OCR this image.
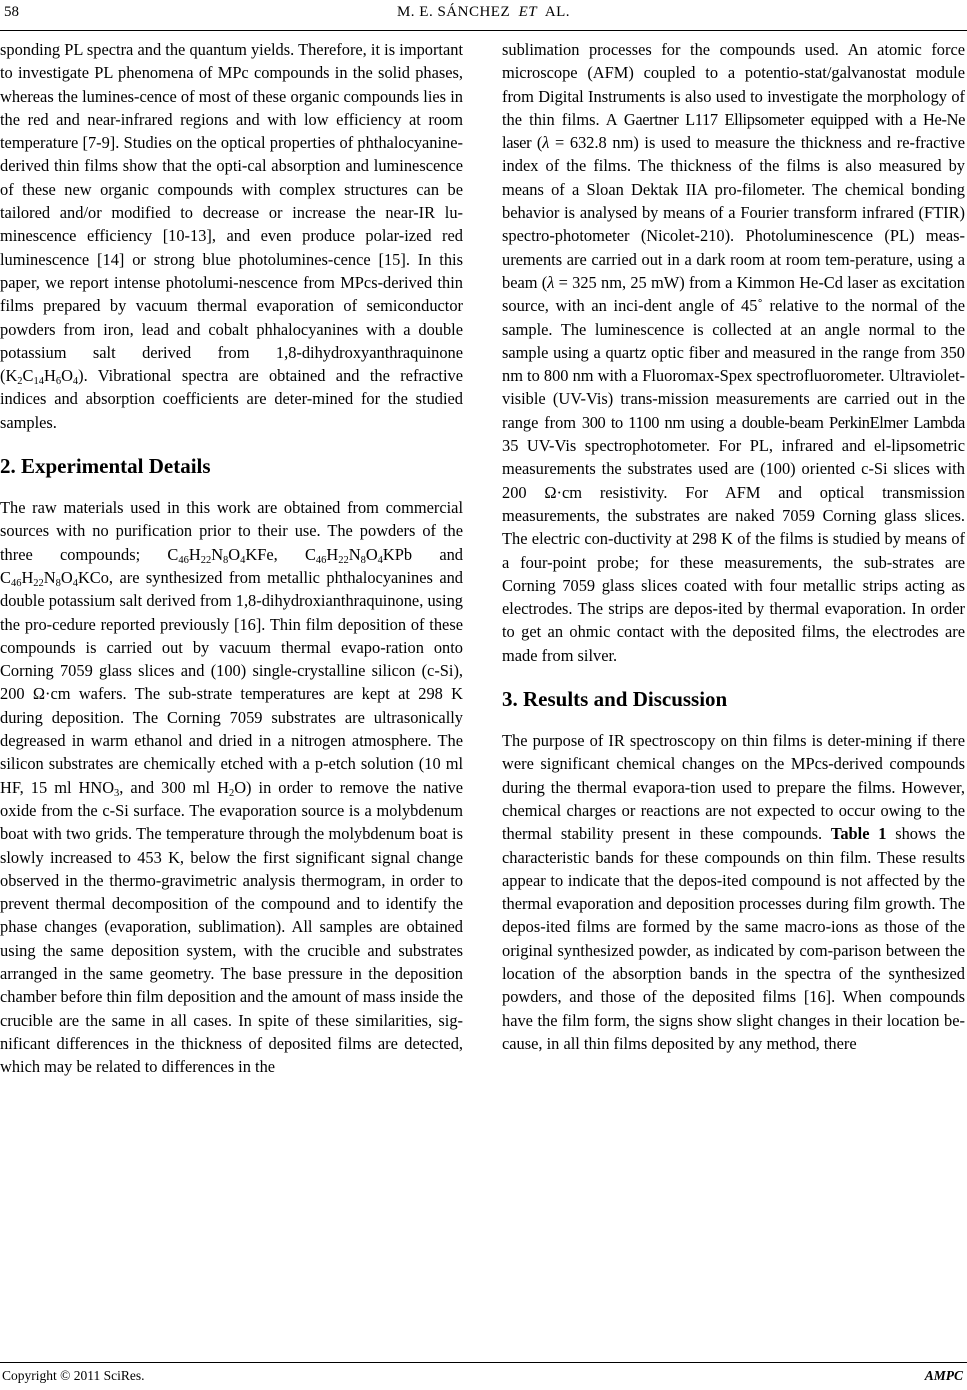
58	M. E. SÁNCHEZ ET AL.

sponding PL spectra and the quantum yields. Therefore, it is important to investigate PL phenomena of MPc compounds in the solid phases, whereas the lumines-cence of most of these organic compounds lies in the red and near-infrared regions and with low efficiency at room temperature [7-9]. Studies on the optical properties of phthalocyanine-derived thin films show that the opti-cal absorption and luminescence of these new organic compounds with complex structures can be tailored and/or modified to decrease or increase the near-IR lu-minescence efficiency [10-13], and even produce polar-ized red luminescence [14] or strong blue photolumines-cence [15]. In this paper, we report intense photolumi-nescence from MPcs-derived thin films prepared by vacuum thermal evaporation of semiconductor powders from iron, lead and cobalt phhalocyanines with a double potassium salt derived from 1,8-dihydroxyanthraquinone $(K_2C_{14}H_6O_4)$. Vibrational spectra are obtained and the refractive indices and absorption coefficients are deter-mined for the studied samples.

2. Experimental Details

The raw materials used in this work are obtained from commercial sources with no purification prior to their use. The powders of the three compounds; $C_{46}H_{22}N_8O_4KFe$, $C_{46}H_{22}N_8O_4KPb$ and $C_{46}H_{22}N_8O_4KCo$, are synthesized from metallic phthalocyanines and double potassium salt derived from 1,8-dihydroxianthraquinone, using the pro-cedure reported previously [16]. Thin film deposition of these compounds is carried out by vacuum thermal evapo-ration onto Corning 7059 glass slices and (100) single-crystalline silicon (c-Si), 200 Ω·cm wafers. The sub-strate temperatures are kept at 298 K during deposition. The Corning 7059 substrates are ultrasonically degreased in warm ethanol and dried in a nitrogen atmosphere. The silicon substrates are chemically etched with a p-etch solution (10 ml HF, 15 ml $HNO_3$, and 300 ml $H_2O$) in order to remove the native oxide from the c-Si surface. The evaporation source is a molybdenum boat with two grids. The temperature through the molybdenum boat is slowly increased to 453 K, below the first significant signal change observed in the thermo-gravimetric analysis thermogram, in order to prevent thermal decomposition of the compound and to identify the phase changes (evaporation, sublimation). All samples are obtained using the same deposition system, with the crucible and substrates arranged in the same geometry. The base pressure in the deposition chamber before thin film deposition and the amount of mass inside the crucible are the same in all cases. In spite of these similarities, sig-nificant differences in the thickness of deposited films are detected, which may be related to differences in the

sublimation processes for the compounds used. An atomic force microscope (AFM) coupled to a potentio-stat/galvanostat module from Digital Instruments is also used to investigate the morphology of the thin films. A Gaertner L117 Ellipsometer equipped with a He-Ne laser (λ = 632.8 nm) is used to measure the thickness and re-fractive index of the films. The thickness of the films is also measured by means of a Sloan Dektak IIA pro-filometer. The chemical bonding behavior is analysed by means of a Fourier transform infrared (FTIR) spectro-photometer (Nicolet-210). Photoluminescence (PL) meas-urements are carried out in a dark room at room tem-perature, using a beam (λ = 325 nm, 25 mW) from a Kimmon He-Cd laser as excitation source, with an inci-dent angle of 45˚ relative to the normal of the sample. The luminescence is collected at an angle normal to the sample using a quartz optic fiber and measured in the range from 350 nm to 800 nm with a Fluoromax-Spex spectrofluorometer. Ultraviolet-visible (UV-Vis) trans-mission measurements are carried out in the range from 300 to 1100 nm using a double-beam PerkinElmer Lambda 35 UV-Vis spectrophotometer. For PL, infrared and el-lipsometric measurements the substrates used are (100) oriented c-Si slices with 200 Ω·cm resistivity. For AFM and optical transmission measurements, the substrates are naked 7059 Corning glass slices. The electric con-ductivity at 298 K of the films is studied by means of a four-point probe; for these measurements, the sub-strates are Corning 7059 glass slices coated with four metallic strips acting as electrodes. The strips are depos-ited by thermal evaporation. In order to get an ohmic contact with the deposited films, the electrodes are made from silver.

3. Results and Discussion

The purpose of IR spectroscopy on thin films is deter-mining if there were significant chemical changes on the MPcs-derived compounds during the thermal evapora-tion used to prepare the films. However, chemical charges or reactions are not expected to occur owing to the thermal stability present in these compounds. Table 1 shows the characteristic bands for these compounds on thin film. These results appear to indicate that the depos-ited compound is not affected by the thermal evaporation and deposition processes during film growth. The depos-ited films are formed by the same macro-ions as those of the original synthesized powder, as indicated by com-parison between the location of the absorption bands in the spectra of the synthesized powders, and those of the deposited films [16]. When compounds have the film form, the signs show slight changes in their location be-cause, in all thin films deposited by any method, there

Copyright © 2011 SciRes.	AMPC
